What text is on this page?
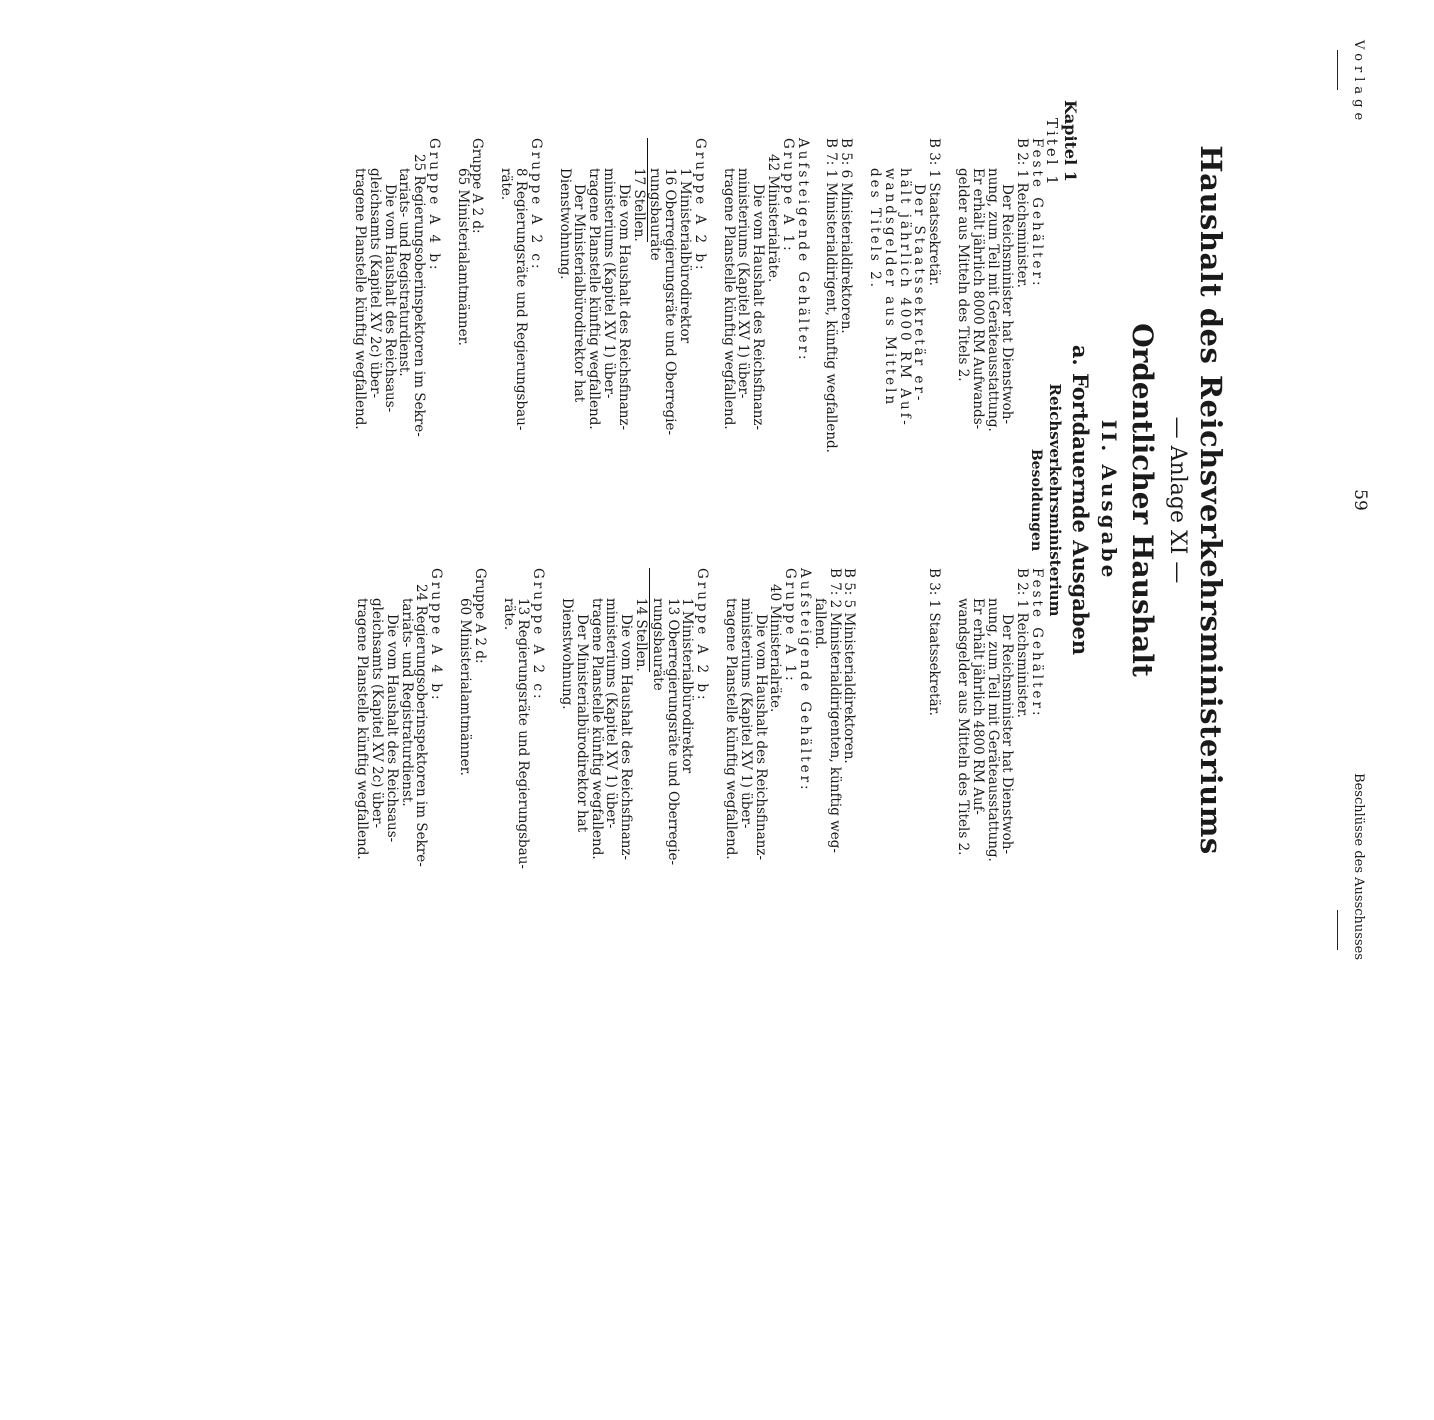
Vorlage
59
Beschlüsse des Ausschusses
Haushalt des Reichsverkehrsministeriums
— Anlage XI —
Ordentlicher Haushalt
II. Ausgabe
a. Fortdauernde Ausgaben
Reichsverkehrsministerium
Besoldungen
Kapitel 1
Titel 1
Feste Gehälter:
B 2: 1 Reichsminister.
Der Reichsminister hat Dienstwoh-
nung, zum Teil mit Geräteausstattung.
Er erhält jährlich 8000 RM Aufwands-
gelder aus Mitteln des Titels 2.
B 3: 1 Staatssekretär.
Der Staatssekretär er-
hält jährlich 4000 RM Auf-
wandsgelder aus Mitteln
des Titels 2.
B 5: 6 Ministerialdirektoren.
B 7: 1 Ministerialdirigent, künftig wegfallend.
Aufsteigende Gehälter:
Gruppe A 1:
42 Ministerialräte.
Die vom Haushalt des Reichsfinanz-
ministeriums (Kapitel XV 1) über-
tragene Planstelle künftig wegfallend.
Gruppe A 2 b:
1 Ministerialbürodirektor
16 Oberregierungsräte und Oberregie-
rungsbauräte
17 Stellen.
Die vom Haushalt des Reichsfinanz-
ministeriums (Kapitel XV 1) über-
tragene Planstelle künftig wegfallend.
Der Ministerialbürodirektor hat
Dienstwohnung.
Gruppe A 2 c:
8 Regierungsräte und Regierungsbau-
räte.
Gruppe A 2 d:
65 Ministerialamtmänner.
Gruppe A 4 b:
25 Regierungsoberinspektoren im Sekre-
tariats- und Registraturdienst.
Die vom Haushalt des Reichsaus-
gleichsamts (Kapitel XV 2c) über-
tragene Planstelle künftig wegfallend.
Feste Gehälter:
B 2: 1 Reichsminister.
Der Reichsminister hat Dienstwoh-
nung, zum Teil mit Geräteausstattung.
Er erhält jährlich 4800 RM Auf-
wandsgelder aus Mitteln des Titels 2.
B 3: 1 Staatssekretär.
B 5: 5 Ministerialdirektoren.
B 7: 2 Ministerialdirigenten, künftig weg-
fallend.
Aufsteigende Gehälter:
Gruppe A 1:
40 Ministerialräte.
Die vom Haushalt des Reichsfinanz-
ministeriums (Kapitel XV 1) über-
tragene Planstelle künftig wegfallend.
Gruppe A 2 b:
1 Ministerialbürodirektor
13 Oberregierungsräte und Oberregie-
rungsbauräte
14 Stellen.
Die vom Haushalt des Reichsfinanz-
ministeriums (Kapitel XV 1) über-
tragene Planstelle künftig wegfallend.
Der Ministerialbürodirektor hat
Dienstwohnung.
Gruppe A 2 c:
13 Regierungsräte und Regierungsbau-
räte.
Gruppe A 2 d:
60 Ministerialamtmänner.
Gruppe A 4 b:
24 Regierungsoberinspektoren im Sekre-
tariats- und Registraturdienst.
Die vom Haushalt des Reichsaus-
gleichsamts (Kapitel XV 2c) über-
tragene Planstelle künftig wegfallend.
